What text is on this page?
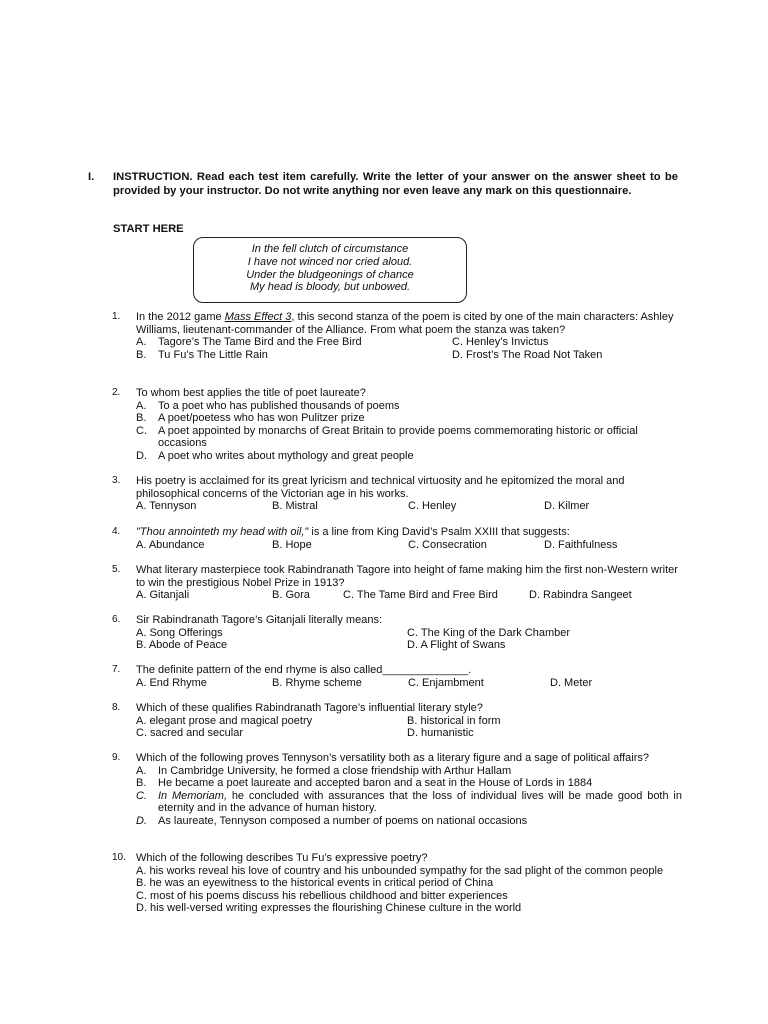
I. INSTRUCTION. Read each test item carefully. Write the letter of your answer on the answer sheet to be provided by your instructor. Do not write anything nor even leave any mark on this questionnaire.
START HERE
In the fell clutch of circumstance
I have not winced nor cried aloud.
Under the bludgeonings of chance
My head is bloody, but unbowed.
1.	In the 2012 game Mass Effect 3, this second stanza of the poem is cited by one of the main characters: Ashley Williams, lieutenant-commander of the Alliance. From what poem the stanza was taken?
A. Tagore’s The Tame Bird and the Free Bird	C. Henley’s Invictus
B. Tu Fu’s The Little Rain	D. Frost’s The Road Not Taken
2.	To whom best applies the title of poet laureate?
A. To a poet who has published thousands of poems
B. A poet/poetess who has won Pulitzer prize
C. A poet appointed by monarchs of Great Britain to provide poems commemorating historic or official occasions
D. A poet who writes about mythology and great people
3.	His poetry is acclaimed for its great lyricism and technical virtuosity and he epitomized the moral and philosophical concerns of the Victorian age in his works.
A. Tennyson	B. Mistral	C. Henley	D. Kilmer
4.	"Thou annointeth my head with oil," is a line from King David’s Psalm XXIII that suggests:
A. Abundance	B. Hope	C. Consecration	D. Faithfulness
5.	What literary masterpiece took Rabindranath Tagore into height of fame making him the first non-Western writer to win the prestigious Nobel Prize in 1913?
A. Gitanjali	B. Gora	C. The Tame Bird and Free Bird	D. Rabindra Sangeet
6.	Sir Rabindranath Tagore’s Gitanjali literally means:
A. Song Offerings	C. The King of the Dark Chamber
B. Abode of Peace	D. A Flight of Swans
7.	The definite pattern of the end rhyme is also called______________.
A. End Rhyme	B. Rhyme scheme	C. Enjambment	D. Meter
8.	Which of these qualifies Rabindranath Tagore’s influential literary style?
A. elegant prose and magical poetry	B. historical in form
C. sacred and secular	D. humanistic
9.	Which of the following proves Tennyson’s versatility both as a literary figure and a sage of political affairs?
A. In Cambridge University, he formed a close friendship with Arthur Hallam
B. He became a poet laureate and accepted baron and a seat in the House of Lords in 1884
C. In Memoriam, he concluded with assurances that the loss of individual lives will be made good both in eternity and in the advance of human history.
D. As laureate, Tennyson composed a number of poems on national occasions
10. Which of the following describes Tu Fu’s expressive poetry?
A. his works reveal his love of country and his unbounded sympathy for the sad plight of the common people
B. he was an eyewitness to the historical events in critical period of China
C. most of his poems discuss his rebellious childhood and bitter experiences
D. his well-versed writing expresses the flourishing Chinese culture in the world
